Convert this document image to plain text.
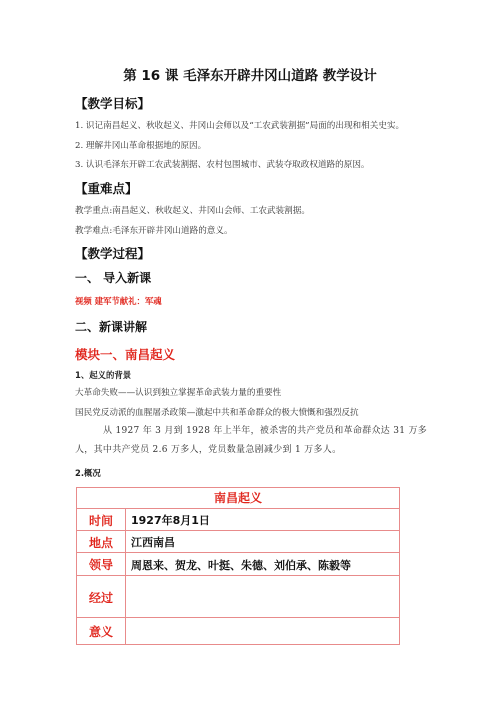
第 16 课 毛泽东开辟井冈山道路 教学设计
【教学目标】
1. 识记南昌起义、秋收起义、井冈山会师以及“工农武装割据”局面的出现和相关史实。
2. 理解井冈山革命根据地的原因。
3. 认识毛泽东开辟工农武装割据、农村包围城市、武装夺取政权道路的原因。
【重难点】
教学重点:南昌起义、秋收起义、井冈山会师、工农武装割据。
教学难点:毛泽东开辟井冈山道路的意义。
【教学过程】
一、 导入新课
视频 建军节献礼：军魂
二、新课讲解
模块一、南昌起义
1、起义的背景
大革命失败——认识到独立掌握革命武装力量的重要性
国民党反动派的血腥屠杀政策—激起中共和革命群众的极大愤慨和强烈反抗
从 1927 年 3 月到 1928 年上半年，被杀害的共产党员和革命群众达 31 万多人，其中共产党员 2.6 万多人，党员数量急剧减少到 1 万多人。
2.概况
南昌起义
时间	1927年8月1日
地点	江西南昌
领导	周恩来、贺龙、叶挺、朱德、刘伯承、陈毅等
经过
意义
